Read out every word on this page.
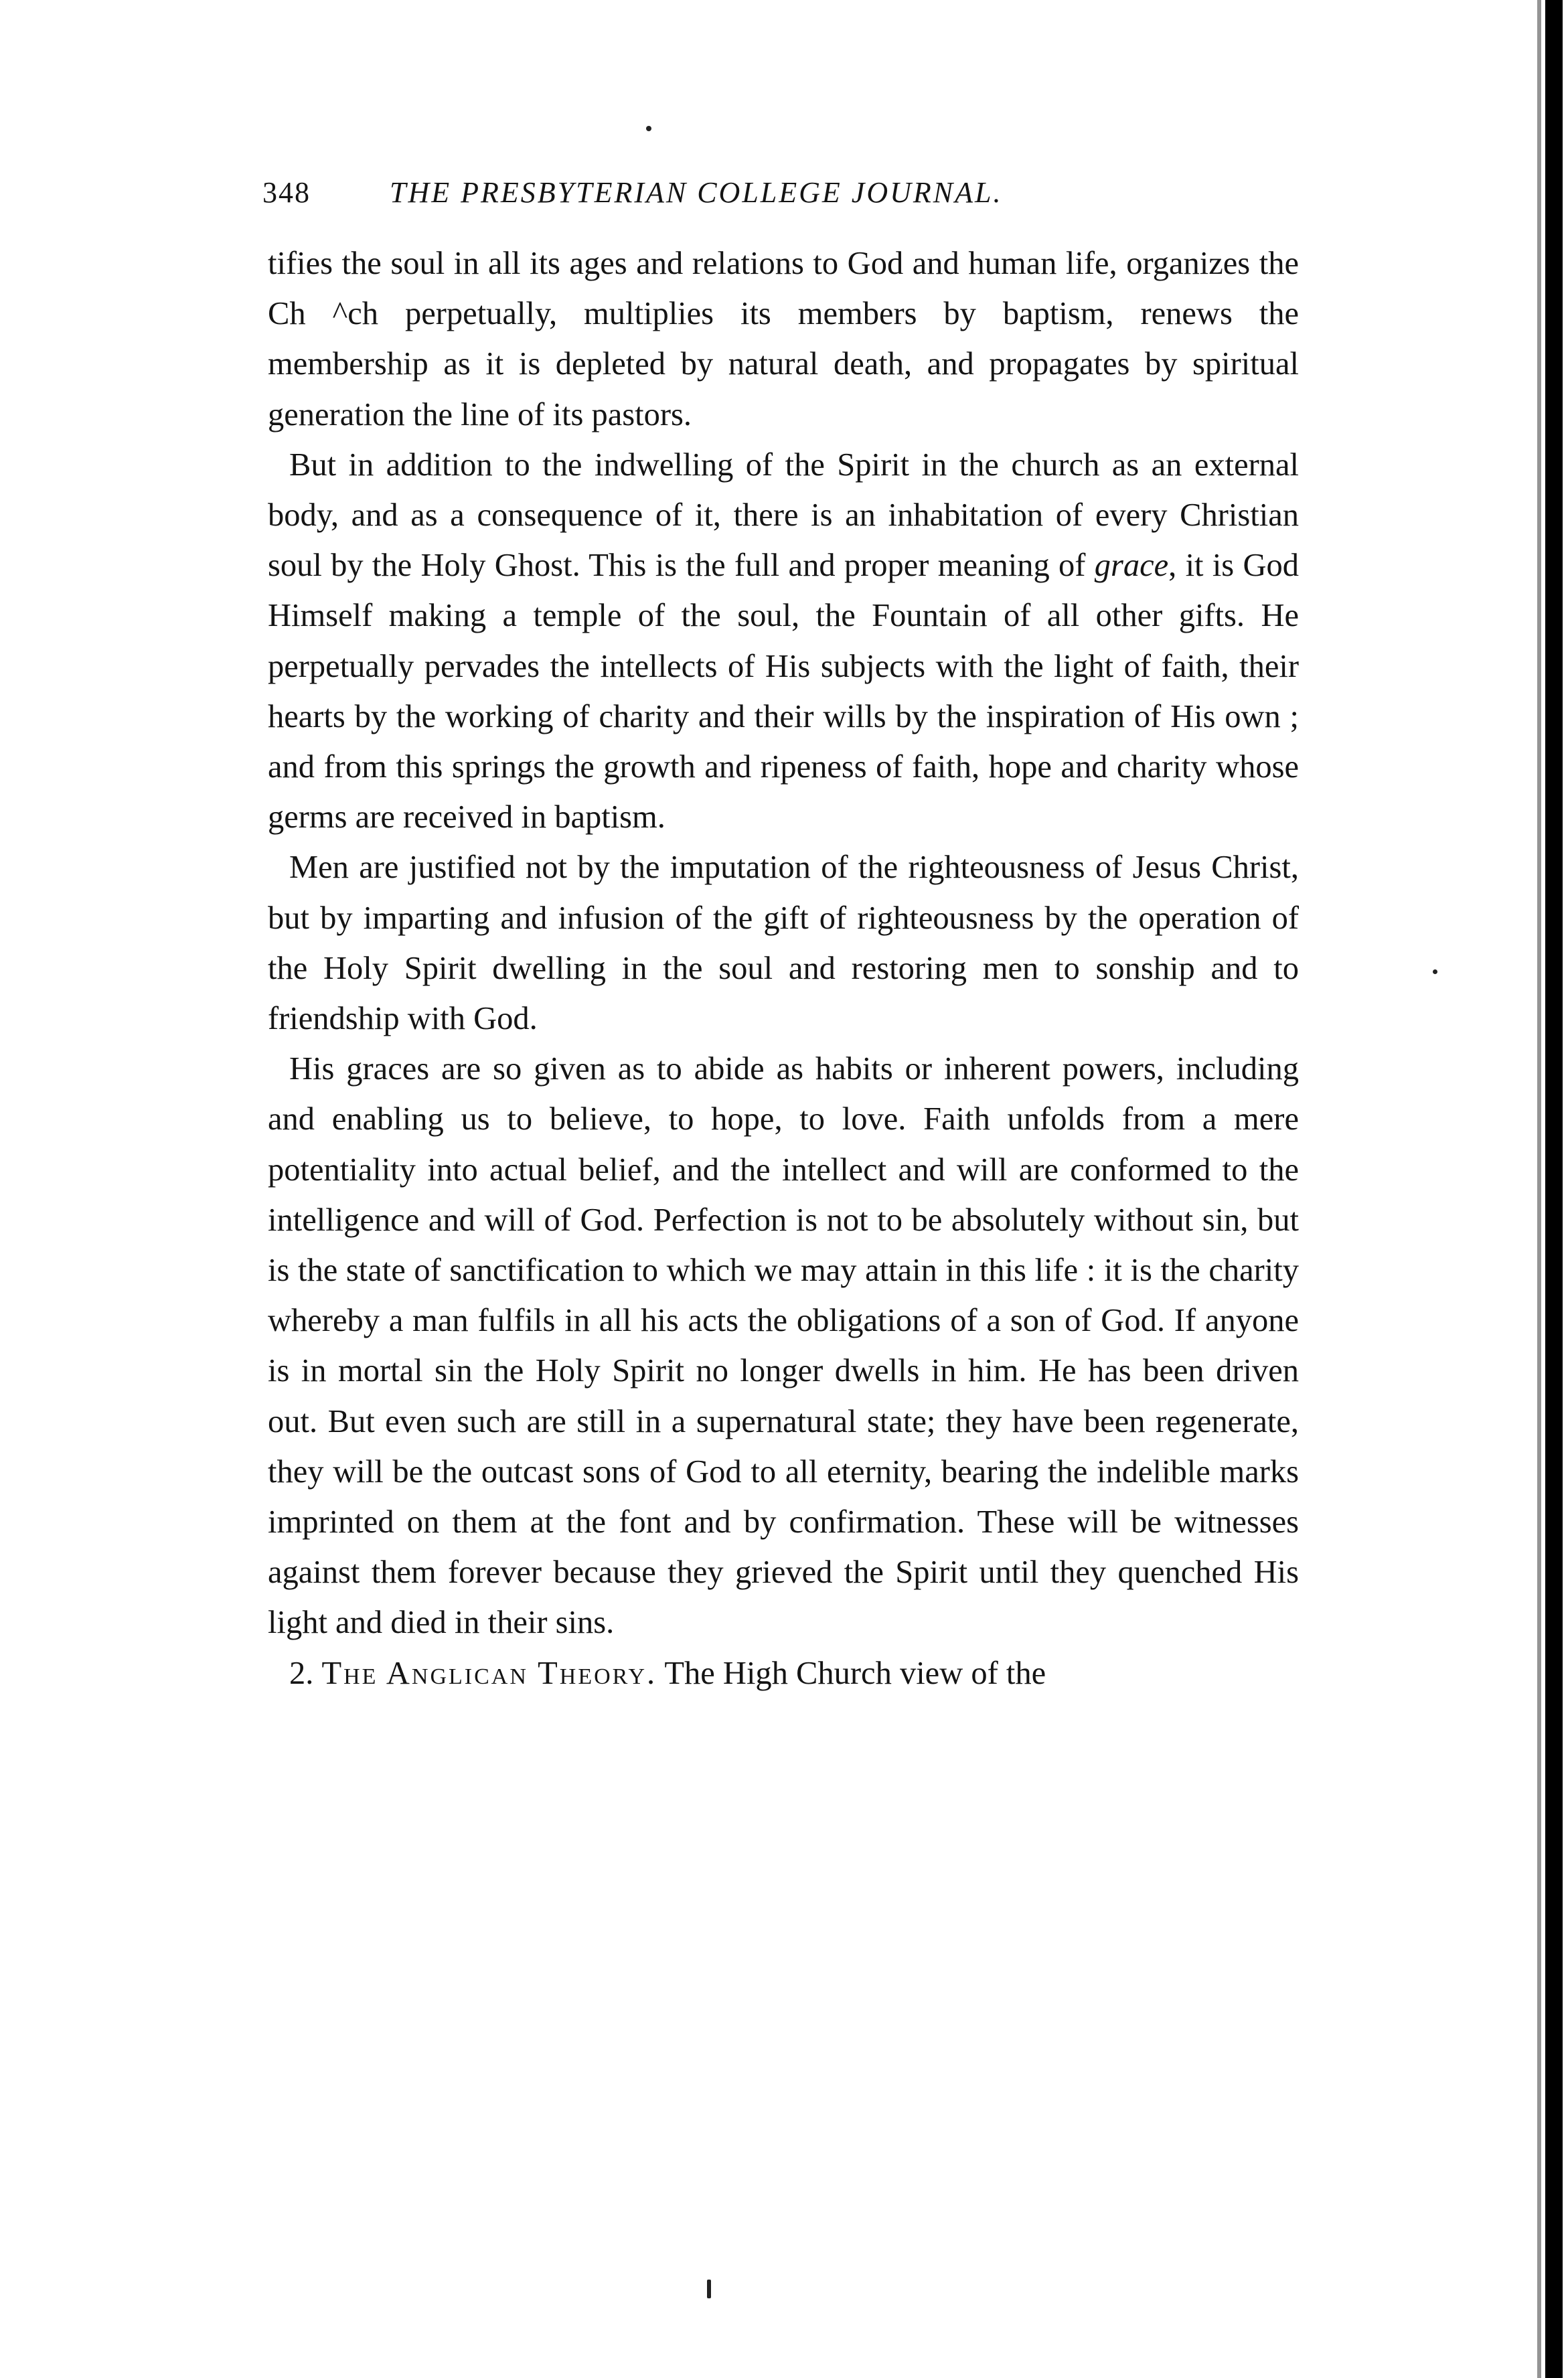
348	THE PRESBYTERIAN COLLEGE JOURNAL.

tifies the soul in all its ages and relations to God and human life, organizes the Ch ^ch perpetually, multiplies its members by baptism, renews the membership as it is depleted by natural death, and propagates by spiritual generation the line of its pastors.

But in addition to the indwelling of the Spirit in the church as an external body, and as a consequence of it, there is an inhabitation of every Christian soul by the Holy Ghost. This is the full and proper meaning of grace, it is God Himself making a temple of the soul, the Fountain of all other gifts. He perpetually pervades the intellects of His subjects with the light of faith, their hearts by the working of charity and their wills by the inspiration of His own ; and from this springs the growth and ripeness of faith, hope and charity whose germs are received in baptism.

Men are justified not by the imputation of the righteousness of Jesus Christ, but by imparting and infusion of the gift of righteousness by the operation of the Holy Spirit dwelling in the soul and restoring men to sonship and to friendship with God.

His graces are so given as to abide as habits or inherent powers, including and enabling us to believe, to hope, to love. Faith unfolds from a mere potentiality into actual belief, and the intellect and will are conformed to the intelligence and will of God. Perfection is not to be absolutely without sin, but is the state of sanctification to which we may attain in this life : it is the charity whereby a man fulfils in all his acts the obligations of a son of God. If anyone is in mortal sin the Holy Spirit no longer dwells in him. He has been driven out. But even such are still in a supernatural state; they have been regenerate, they will be the outcast sons of God to all eternity, bearing the indelible marks imprinted on them at the font and by confirmation. These will be witnesses against them forever because they grieved the Spirit until they quenched His light and died in their sins.

2. The Anglican Theory. The High Church view of the
